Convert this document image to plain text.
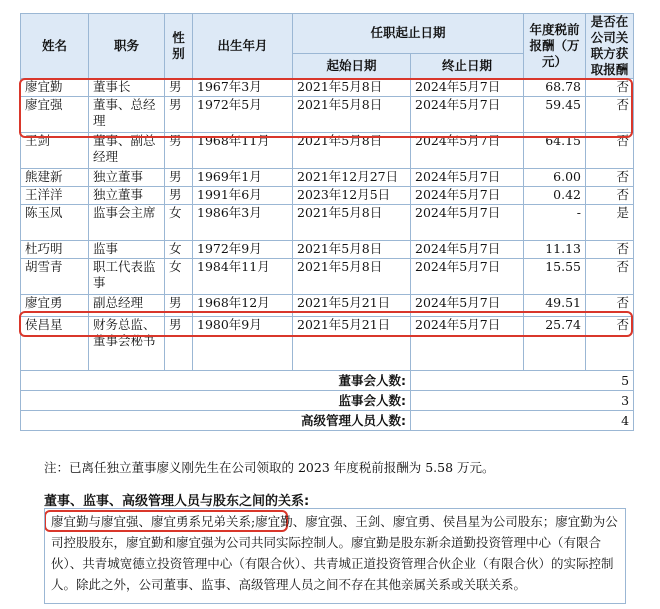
姓名	职务	性别	出生年月	任职起止日期		年度税前报酬（万元）	是否在公司关联方获取报酬
				起始日期	终止日期		
廖宜勤	董事长	男	1967年3月	2021年5月8日	2024年5月7日	68.78	否
廖宜强	董事、总经理	男	1972年5月	2021年5月8日	2024年5月7日	59.45	否
王剑	董事、副总经理	男	1968年11月	2021年5月8日	2024年5月7日	64.15	否
熊建新	独立董事	男	1969年1月	2021年12月27日	2024年5月7日	6.00	否
王洋洋	独立董事	男	1991年6月	2023年12月5日	2024年5月7日	0.42	否
陈玉凤	监事会主席	女	1986年3月	2021年5月8日	2024年5月7日	-	是
杜巧明	监事	女	1972年9月	2021年5月8日	2024年5月7日	11.13	否
胡雪青	职工代表监事	女	1984年11月	2021年5月8日	2024年5月7日	15.55	否
廖宜勇	副总经理	男	1968年12月	2021年5月21日	2024年5月7日	49.51	否
侯昌星	财务总监、董事会秘书	男	1980年9月	2021年5月21日	2024年5月7日	25.74	否
董事会人数:					5		
监事会人数:					3		
高级管理人员人数:					4		
注：已离任独立董事廖义刚先生在公司领取的 2023 年度税前报酬为 5.58 万元。
董事、监事、高级管理人员与股东之间的关系:
廖宜勤与廖宜强、廖宜勇系兄弟关系;廖宜勤、廖宜强、王剑、廖宜勇、侯昌星为公司股东；廖宜勤为公司控股股东，廖宜勤和廖宜强为公司共同实际控制人。廖宜勤是股东新余道勤投资管理中心（有限合伙）、共青城宽德立投资管理中心（有限合伙）、共青城正道投资管理合伙企业（有限合伙）的实际控制人。除此之外，公司董事、监事、高级管理人员之间不存在其他亲属关系或关联关系。
